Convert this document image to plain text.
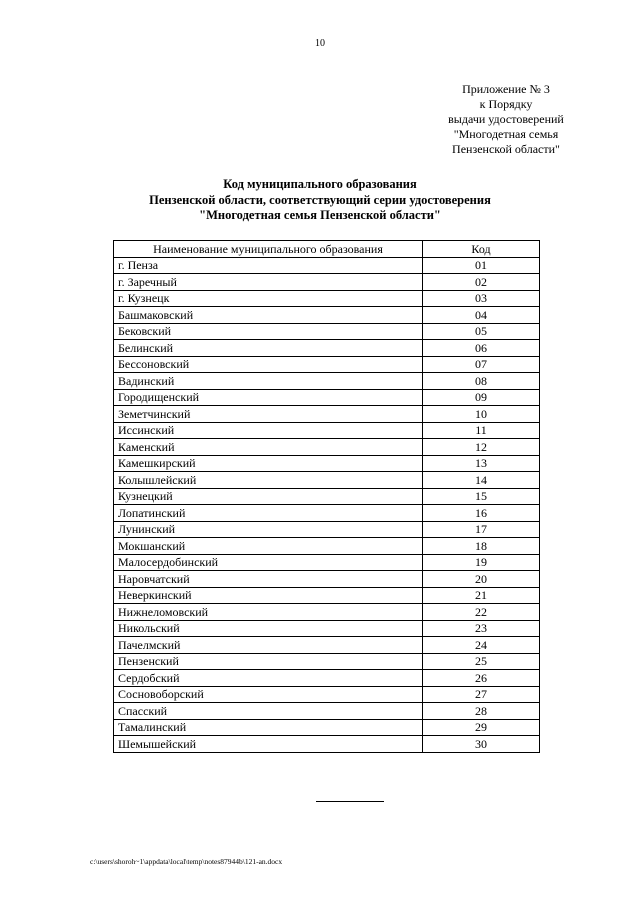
10
Приложение № 3
к Порядку
выдачи удостоверений
"Многодетная семья
Пензенской области"
Код муниципального образования
Пензенской области, соответствующий серии удостоверения
"Многодетная семья Пензенской области"
Наименование муниципального образования	Код
г. Пенза	01
г. Заречный	02
г. Кузнецк	03
Башмаковский	04
Бековский	05
Белинский	06
Бессоновский	07
Вадинский	08
Городищенский	09
Земетчинский	10
Иссинский	11
Каменский	12
Камешкирский	13
Колышлейский	14
Кузнецкий	15
Лопатинский	16
Лунинский	17
Мокшанский	18
Малосердобинский	19
Наровчатский	20
Неверкинский	21
Нижнеломовский	22
Никольский	23
Пачелмский	24
Пензенский	25
Сердобский	26
Сосновоборский	27
Спасский	28
Тамалинский	29
Шемышейский	30
c:\users\shoroh~1\appdata\local\temp\notes87944b\121-an.docx
